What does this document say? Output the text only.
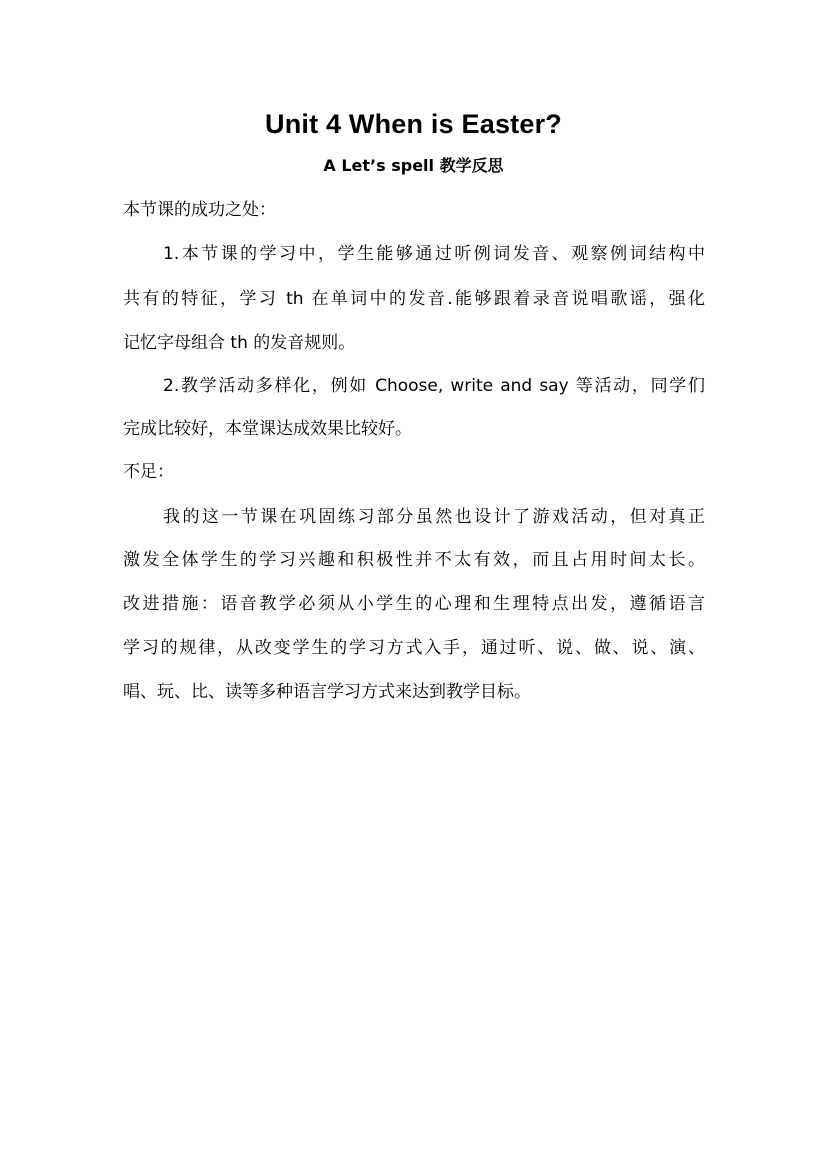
Unit 4 When is Easter?
A Let’s spell 教学反思
本节课的成功之处：
1.本节课的学习中，学生能够通过听例词发音、观察例词结构中
共有的特征，学习 th 在单词中的发音.能够跟着录音说唱歌谣，强化
记忆字母组合 th 的发音规则。
2.教学活动多样化，例如 Choose, write and say 等活动，同学们
完成比较好，本堂课达成效果比较好。
不足：
我的这一节课在巩固练习部分虽然也设计了游戏活动，但对真正
激发全体学生的学习兴趣和积极性并不太有效，而且占用时间太长。
改进措施：语音教学必须从小学生的心理和生理特点出发，遵循语言
学习的规律，从改变学生的学习方式入手，通过听、说、做、说、演、
唱、玩、比、读等多种语言学习方式来达到教学目标。
